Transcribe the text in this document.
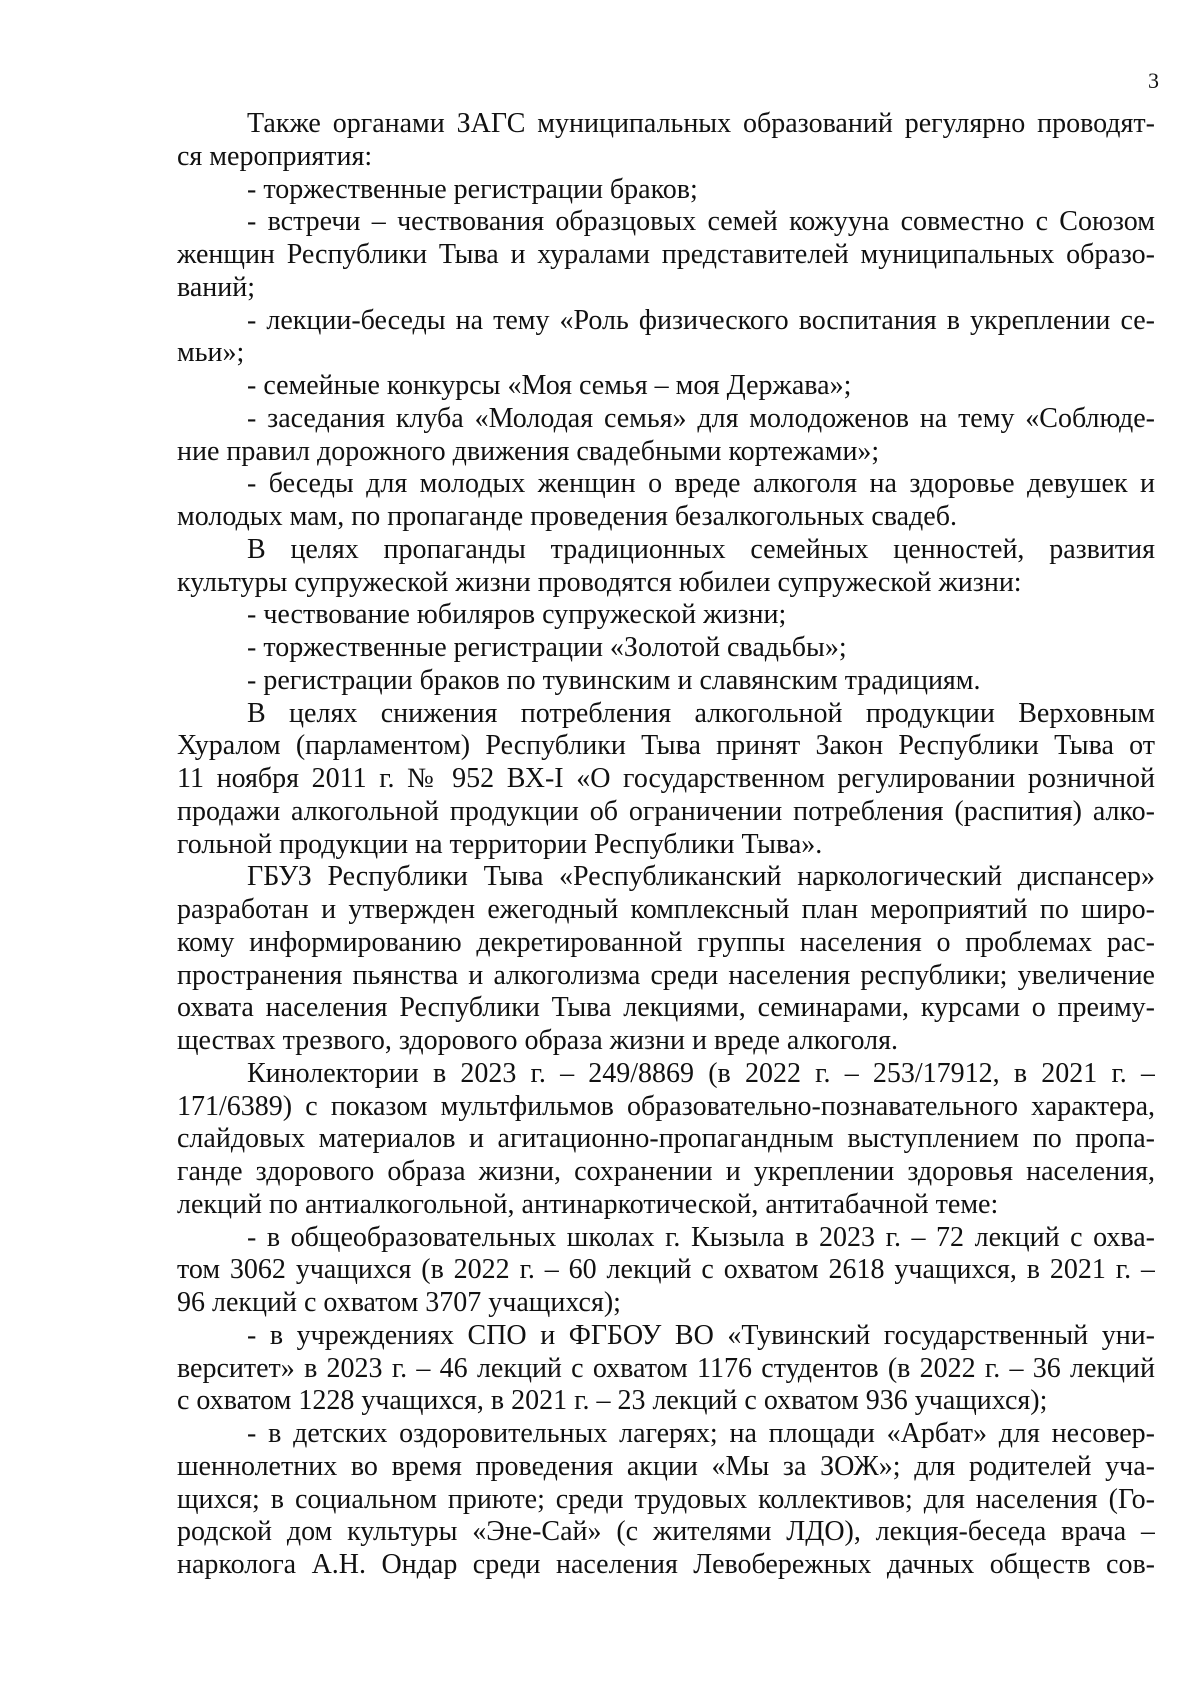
3
Также органами ЗАГС муниципальных образований регулярно проводят-
ся мероприятия:
- торжественные регистрации браков;
- встречи – чествования образцовых семей кожууна совместно с Союзом
женщин Республики Тыва и хуралами представителей муниципальных образо-
ваний;
- лекции-беседы на тему «Роль физического воспитания в укреплении се-
мьи»;
- семейные конкурсы «Моя семья – моя Держава»;
- заседания клуба «Молодая семья» для молодоженов на тему «Соблюде-
ние правил дорожного движения свадебными кортежами»;
- беседы для молодых женщин о вреде алкоголя на здоровье девушек и
молодых мам, по пропаганде проведения безалкогольных свадеб.
В целях пропаганды традиционных семейных ценностей, развития
культуры супружеской жизни проводятся юбилеи супружеской жизни:
- чествование юбиляров супружеской жизни;
- торжественные регистрации «Золотой свадьбы»;
- регистрации браков по тувинским и славянским традициям.
В целях снижения потребления алкогольной продукции Верховным
Хуралом (парламентом) Республики Тыва принят Закон Республики Тыва от
11 ноября 2011 г. № 952 ВХ-I «О государственном регулировании розничной
продажи алкогольной продукции об ограничении потребления (распития) алко-
гольной продукции на территории Республики Тыва».
ГБУЗ Республики Тыва «Республиканский наркологический диспансер»
разработан и утвержден ежегодный комплексный план мероприятий по широ-
кому информированию декретированной группы населения о проблемах рас-
пространения пьянства и алкоголизма среди населения республики; увеличение
охвата населения Республики Тыва лекциями, семинарами, курсами о преиму-
ществах трезвого, здорового образа жизни и вреде алкоголя.
Кинолектории в 2023 г. – 249/8869 (в 2022 г. – 253/17912, в 2021 г. –
171/6389) с показом мультфильмов образовательно-познавательного характера,
слайдовых материалов и агитационно-пропагандным выступлением по пропа-
ганде здорового образа жизни, сохранении и укреплении здоровья населения,
лекций по антиалкогольной, антинаркотической, антитабачной теме:
- в общеобразовательных школах г. Кызыла в 2023 г. – 72 лекций с охва-
том 3062 учащихся (в 2022 г. – 60 лекций с охватом 2618 учащихся, в 2021 г. –
96 лекций с охватом 3707 учащихся);
- в учреждениях СПО и ФГБОУ ВО «Тувинский государственный уни-
верситет» в 2023 г. – 46 лекций с охватом 1176 студентов (в 2022 г. – 36 лекций
с охватом 1228 учащихся, в 2021 г. – 23 лекций с охватом 936 учащихся);
- в детских оздоровительных лагерях; на площади «Арбат» для несовер-
шеннолетних во время проведения акции «Мы за ЗОЖ»; для родителей уча-
щихся; в социальном приюте; среди трудовых коллективов; для населения (Го-
родской дом культуры «Эне-Сай» (с жителями ЛДО), лекция-беседа врача –
нарколога А.Н. Ондар среди населения Левобережных дачных обществ сов-
